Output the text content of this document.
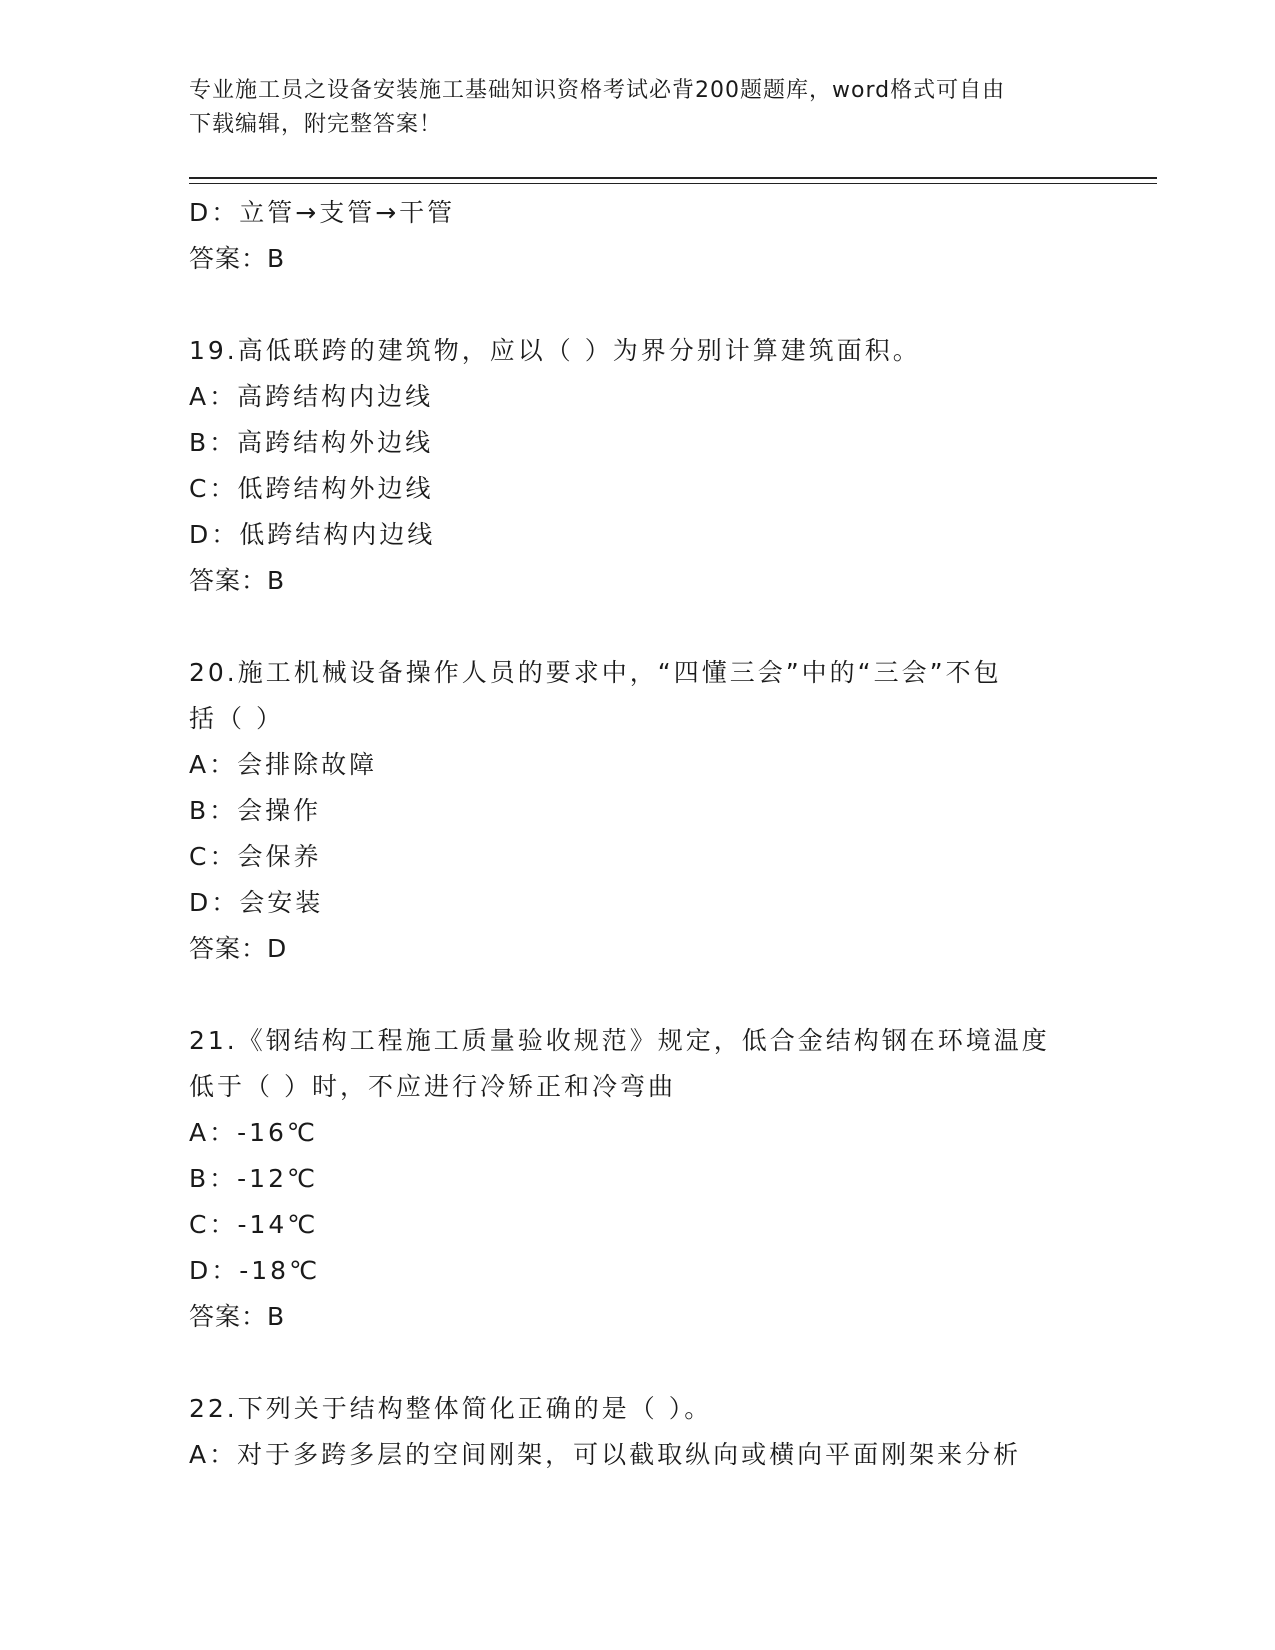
专业施工员之设备安装施工基础知识资格考试必背200题题库，word格式可自由
下载编辑，附完整答案！
D：立管→支管→干管
答案：B
19.高低联跨的建筑物，应以（ ）为界分别计算建筑面积。
A：高跨结构内边线
B：高跨结构外边线
C：低跨结构外边线
D：低跨结构内边线
答案：B
20.施工机械设备操作人员的要求中，“四懂三会”中的“三会”不包
括（ ）
A：会排除故障
B：会操作
C：会保养
D：会安装
答案：D
21.《钢结构工程施工质量验收规范》规定，低合金结构钢在环境温度
低于（ ）时，不应进行冷矫正和冷弯曲
A：-16℃
B：-12℃
C：-14℃
D：-18℃
答案：B
22.下列关于结构整体简化正确的是（ ）。
A：对于多跨多层的空间刚架，可以截取纵向或横向平面刚架来分析
